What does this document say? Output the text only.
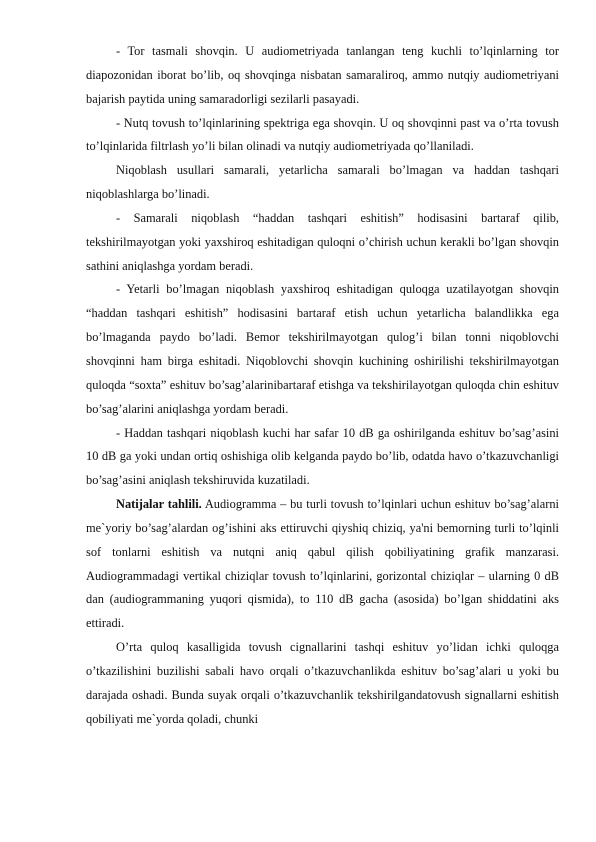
- Tor tasmali shovqin. U audiometriyada tanlangan teng kuchli to’lqinlarning tor diapozonidan iborat bo’lib, oq shovqinga nisbatan samaraliroq, ammo nutqiy audiometriyani bajarish paytida uning samaradorligi sezilarli pasayadi.

- Nutq tovush to’lqinlarining spektriga ega shovqin. U oq shovqinni past va o’rta tovush to’lqinlarida filtrlash yo’li bilan olinadi va nutqiy audiometriyada qo’llaniladi.

Niqoblash usullari samarali, yetarlicha samarali bo’lmagan va haddan tashqari niqoblashlarga bo’linadi.

- Samarali niqoblash “haddan tashqari eshitish” hodisasini bartaraf qilib, tekshirilmayotgan yoki yaxshiroq eshitadigan quloqni o’chirish uchun kerakli bo’lgan shovqin sathini aniqlashga yordam beradi.

- Yetarli bo’lmagan niqoblash yaxshiroq eshitadigan quloqga uzatilayotgan shovqin “haddan tashqari eshitish” hodisasini bartaraf etish uchun yetarlicha balandlikka ega bo’lmaganda paydo bo’ladi. Bemor tekshirilmayotgan qulog’i bilan tonni niqoblovchi shovqinni ham birga eshitadi. Niqoblovchi shovqin kuchining oshirilishi tekshirilmayotgan quloqda “soxta” eshituv bo’sag’alarinibartaraf etishga va tekshirilayotgan quloqda chin eshituv bo’sag’alarini aniqlashga yordam beradi.

- Haddan tashqari niqoblash kuchi har safar 10 dB ga oshirilganda eshituv bo’sag’asini 10 dB ga yoki undan ortiq oshishiga olib kelganda paydo bo’lib, odatda havo o’tkazuvchanligi bo’sag’asini aniqlash tekshiruvida kuzatiladi.

Natijalar tahlili. Audiogramma – bu turli tovush to’lqinlari uchun eshituv bo’sag’alarni me`yoriy bo’sag’alardan og’ishini aks ettiruvchi qiyshiq chiziq, ya'ni bemorning turli to’lqinli sof tonlarni eshitish va nutqni aniq qabul qilish qobiliyatining grafik manzarasi. Audiogrammadagi vertikal chiziqlar tovush to’lqinlarini, gorizontal chiziqlar – ularning 0 dB dan (audiogrammaning yuqori qismida), to 110 dB gacha (asosida) bo’lgan shiddatini aks ettiradi.

O’rta quloq kasalligida tovush cignallarini tashqi eshituv yo’lidan ichki quloqga o’tkazilishini buzilishi sabali havo orqali o’tkazuvchanlikda eshituv bo’sag’alari u yoki bu darajada oshadi. Bunda suyak orqali o’tkazuvchanlik tekshirilgandatovush signallarni eshitish qobiliyati me`yorda qoladi, chunki
